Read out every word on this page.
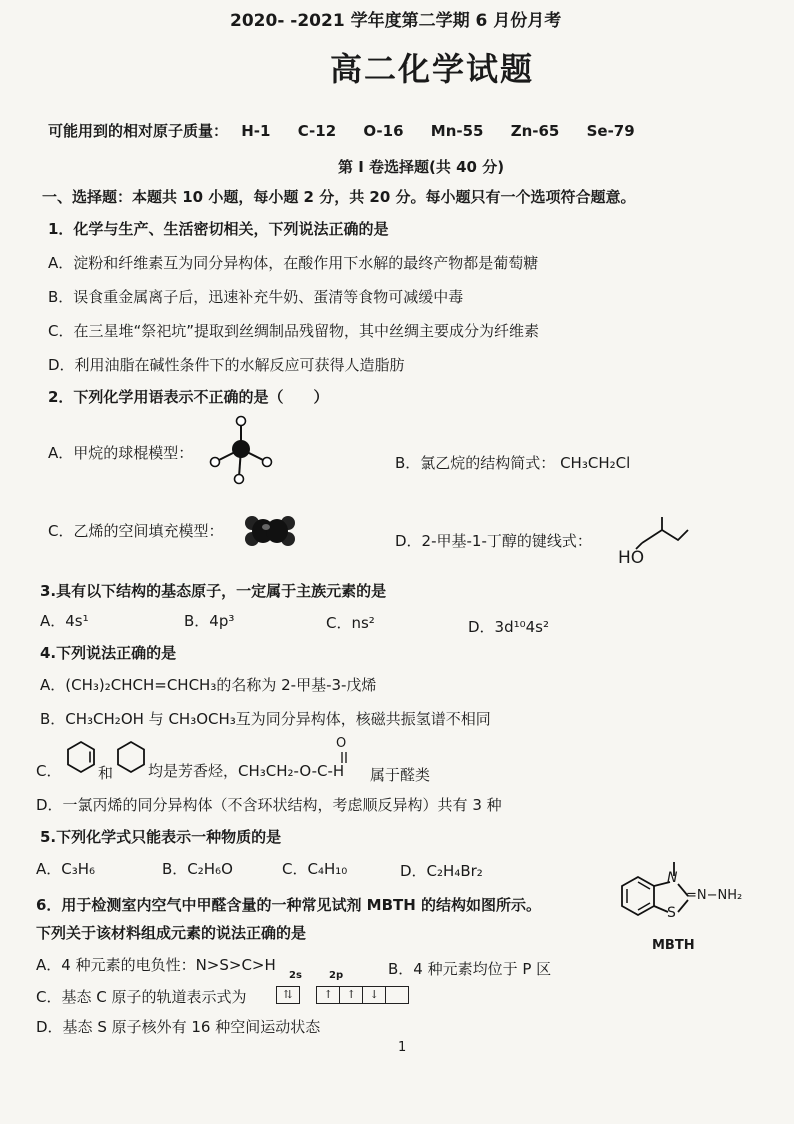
2020- -2021 学年度第二学期 6 月份月考
高二化学试题
可能用到的相对原子质量： H-1 C-12 O-16 Mn-55 Zn-65 Se-79
第 I 卷选择题(共 40 分)
一、选择题：本题共 10 小题，每小题 2 分，共 20 分。每小题只有一个选项符合题意。
1．化学与生产、生活密切相关，下列说法正确的是
A．淀粉和纤维素互为同分异构体，在酸作用下水解的最终产物都是葡萄糖
B．误食重金属离子后，迅速补充牛奶、蛋清等食物可减缓中毒
C．在三星堆“祭祀坑”提取到丝绸制品残留物，其中丝绸主要成分为纤维素
D．利用油脂在碱性条件下的水解反应可获得人造脂肪
2．下列化学用语表示不正确的是（　　）
A．甲烷的球棍模型：
B．氯乙烷的结构简式： CH₃CH₂Cl
C．乙烯的空间填充模型：
D．2-甲基-1-丁醇的键线式：
HO
3.具有以下结构的基态原子，一定属于主族元素的是
A．4s¹	B．4p³	C．ns²	D．3d¹⁰4s²
4.下列说法正确的是
A．(CH₃)₂CHCH=CHCH₃的名称为 2-甲基-3-戊烯
B．CH₃CH₂OH 与 CH₃OCH₃互为同分异构体，核磁共振氢谱不相同
C． 和 均是芳香烃，CH₃CH₂-O-C-H
O
属于醛类
D．一氯丙烯的同分异构体（不含环状结构，考虑顺反异构）共有 3 种
5.下列化学式只能表示一种物质的是
A．C₃H₆	B．C₂H₆O	C．C₄H₁₀	D．C₂H₄Br₂
6．用于检测室内空气中甲醛含量的一种常见试剂 MBTH 的结构如图所示。
下列关于该材料组成元素的说法正确的是
N
S
=N−NH₂
MBTH
A．4 种元素的电负性：N>S>C>H	B．4 种元素均位于 P 区
C．基态 C 原子的轨道表示式为
2s	2p
⇅	↑	↑	↓
D．基态 S 原子核外有 16 种空间运动状态
1
